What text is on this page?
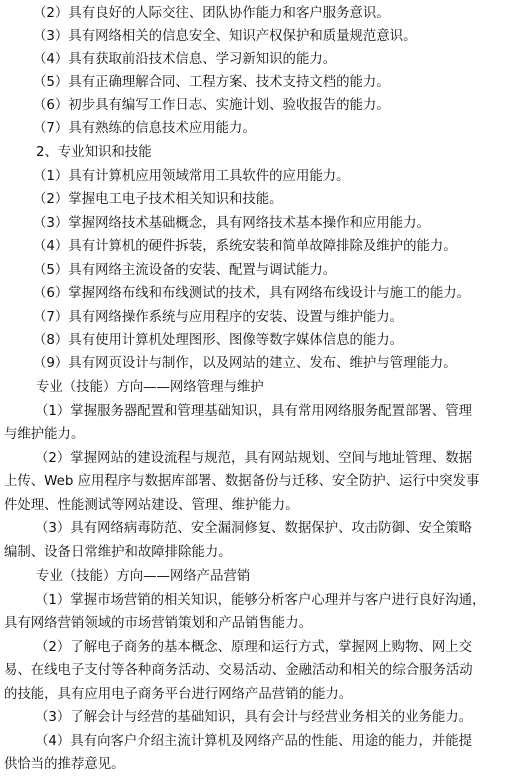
（2）具有良好的人际交往、团队协作能力和客户服务意识。
（3）具有网络相关的信息安全、知识产权保护和质量规范意识。
（4）具有获取前沿技术信息、学习新知识的能力。
（5）具有正确理解合同、工程方案、技术支持文档的能力。
（6）初步具有编写工作日志、实施计划、验收报告的能力。
（7）具有熟练的信息技术应用能力。
2、专业知识和技能
（1）具有计算机应用领域常用工具软件的应用能力。
（2）掌握电工电子技术相关知识和技能。
（3）掌握网络技术基础概念，具有网络技术基本操作和应用能力。
（4）具有计算机的硬件拆装，系统安装和简单故障排除及维护的能力。
（5）具有网络主流设备的安装、配置与调试能力。
（6）掌握网络布线和布线测试的技术，具有网络布线设计与施工的能力。
（7）具有网络操作系统与应用程序的安装、设置与维护能力。
（8）具有使用计算机处理图形、图像等数字媒体信息的能力。
（9）具有网页设计与制作，以及网站的建立、发布、维护与管理能力。
专业（技能）方向——网络管理与维护
（1）掌握服务器配置和管理基础知识，具有常用网络服务配置部署、管理
与维护能力。
（2）掌握网站的建设流程与规范，具有网站规划、空间与地址管理、数据
上传、Web 应用程序与数据库部署、数据备份与迁移、安全防护、运行中突发事
件处理、性能测试等网站建设、管理、维护能力。
（3）具有网络病毒防范、安全漏洞修复、数据保护、攻击防御、安全策略
编制、设备日常维护和故障排除能力。
专业（技能）方向——网络产品营销
（1）掌握市场营销的相关知识，能够分析客户心理并与客户进行良好沟通，
具有网络营销领域的市场营销策划和产品销售能力。
（2）了解电子商务的基本概念、原理和运行方式，掌握网上购物、网上交
易、在线电子支付等各种商务活动、交易活动、金融活动和相关的综合服务活动
的技能，具有应用电子商务平台进行网络产品营销的能力。
（3）了解会计与经营的基础知识，具有会计与经营业务相关的业务能力。
（4）具有向客户介绍主流计算机及网络产品的性能、用途的能力，并能提
供恰当的推荐意见。
